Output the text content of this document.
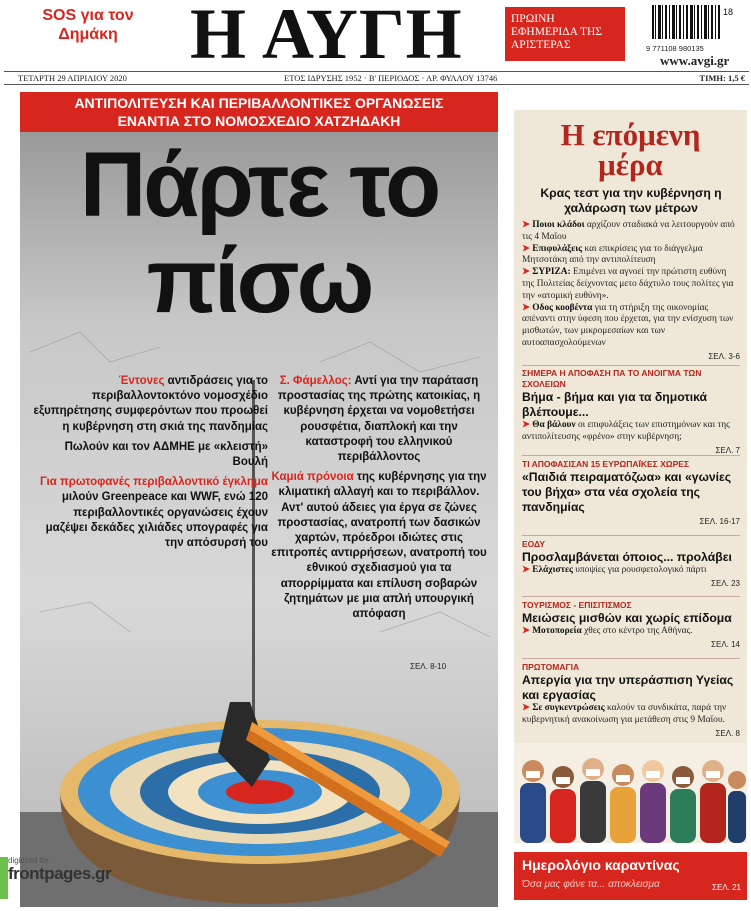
SOS για τον Δημάκη	Η ΑΥΓΗ	ΠΡΩΙΝΗ ΕΦΗΜΕΡΙΔΑ ΤΗΣ ΑΡΙΣΤΕΡΑΣ
18
9 771108 980135
www.avgi.gr
ΤΕΤΑΡΤΗ 29 ΑΠΡΙΛΙΟΥ 2020	ΕΤΟΣ ΙΔΡΥΣΗΣ 1952 · Β' ΠΕΡΙΟΔΟΣ · ΑΡ. ΦΥΛΛΟΥ 13746	ΤΙΜΗ: 1,5 €
ΑΝΤΙΠΟΛΙΤΕΥΣΗ ΚΑΙ ΠΕΡΙΒΑΛΛΟΝΤΙΚΕΣ ΟΡΓΑΝΩΣΕΙΣ
ΕΝΑΝΤΙΑ ΣΤΟ ΝΟΜΟΣΧΕΔΙΟ ΧΑΤΖΗΔΑΚΗ
Πάρτε το
πίσω

Έντονες αντιδράσεις για το περιβαλλοντοκτόνο νομοσχέδιο εξυπηρέτησης συμφερόντων που προωθεί η κυβέρνηση στη σκιά της πανδημίας

Πωλούν και τον ΑΔΜΗΕ με «κλειστή» Βουλή

Για πρωτοφανές περιβαλλοντικό έγκλημα μιλούν Greenpeace και WWF, ενώ 120 περιβαλλοντικές οργανώσεις έχουν μαζέψει δεκάδες χιλιάδες υπογραφές για την απόσυρσή του

Σ. Φάμελλος: Αντί για την παράταση προστασίας της πρώτης κατοικίας, η κυβέρνηση έρχεται να νομοθετήσει ρουσφέτια, διαπλοκή και την καταστροφή του ελληνικού περιβάλλοντος

Καμιά πρόνοια της κυβέρνησης για την κλιματική αλλαγή και το περιβάλλον. Αντ' αυτού άδειες για έργα σε ζώνες προστασίας, ανατροπή των δασικών χαρτών, πρόεδροι ιδιώτες στις επιτροπές αντιρρήσεων, ανατροπή του εθνικού σχεδιασμού για τα απορρίμματα και επίλυση σοβαρών ζητημάτων με μια απλή υπουργική απόφαση

ΣΕΛ. 8-10
Η επόμενη
μέρα
Κρας τεστ για την κυβέρνηση η χαλάρωση των μέτρων
➤ Ποιοι κλάδοι αρχίζουν σταδιακά να λειτουργούν από τις 4 Μαΐου
➤ Επιφυλάξεις και επικρίσεις για το διάγγελμα Μητσοτάκη από την αντιπολίτευση
➤ ΣΥΡΙΖΑ: Επιμένει να αγνοεί την πρώτιστη ευθύνη της Πολιτείας δείχνοντας μετο δάχτυλο τους πολίτες για την «ατομική ευθύνη».
➤ Οδος κοοβέντα για τη στήριξη της οικονομίας απέναντι στην ύφεση που έρχεται, για την ενίσχυση των μισθωτών, των μικρομεσαίων και των αυτοαπασχολούμενων
ΣΕΛ. 3-6
ΣΗΜΕΡΑ Η ΑΠΟΦΑΣΗ ΠΑ ΤΟ ΑΝΟΙΓΜΑ ΤΩΝ ΣΧΟΛΕΙΩΝ
Βήμα - βήμα και για τα δημοτικά βλέπουμε...
➤ Θα βάλουν οι επιφυλάξεις των επιστημόνων και της αντιπολίτευσης «φρένο» στην κυβέρνηση;
ΣΕΛ. 7
ΤΙ ΑΠΟΦΑΣΙΣΑΝ 15 ΕΥΡΩΠΑΪΚΕΣ ΧΩΡΕΣ
«Παιδιά πειραματόζωα» και «γωνίες του βήχα» στα νέα σχολεία της πανδημίας
ΣΕΛ. 16-17
ΕΟΔΥ
Προσλαμβάνεται όποιος... προλάβει
➤ Ελάχιστες υποψίες για ρουσφετολογικό πάρτι
ΣΕΛ. 23
ΤΟΥΡΙΣΜΟΣ - ΕΠΙΣΙΤΙΣΜΟΣ
Μειώσεις μισθών και χωρίς επίδομα
➤ Μοτοπορεία χθες στο κέντρο της Αθήνας.
ΣΕΛ. 14
ΠΡΩΤΟΜΑΓΙΑ
Απεργία για την υπεράσπιση Υγείας και εργασίας
➤ Σε συγκεντρώσεις καλούν τα συνδικάτα, παρά την κυβερνητική ανακοίνωση για μετάθεση στις 9 Μαΐου.
ΣΕΛ. 8
Ημερολόγιο καραντίνας
Όσα μας φάνε τα... αποκλεισμα	ΣΕΛ. 21
digitized for
frontpages.gr
